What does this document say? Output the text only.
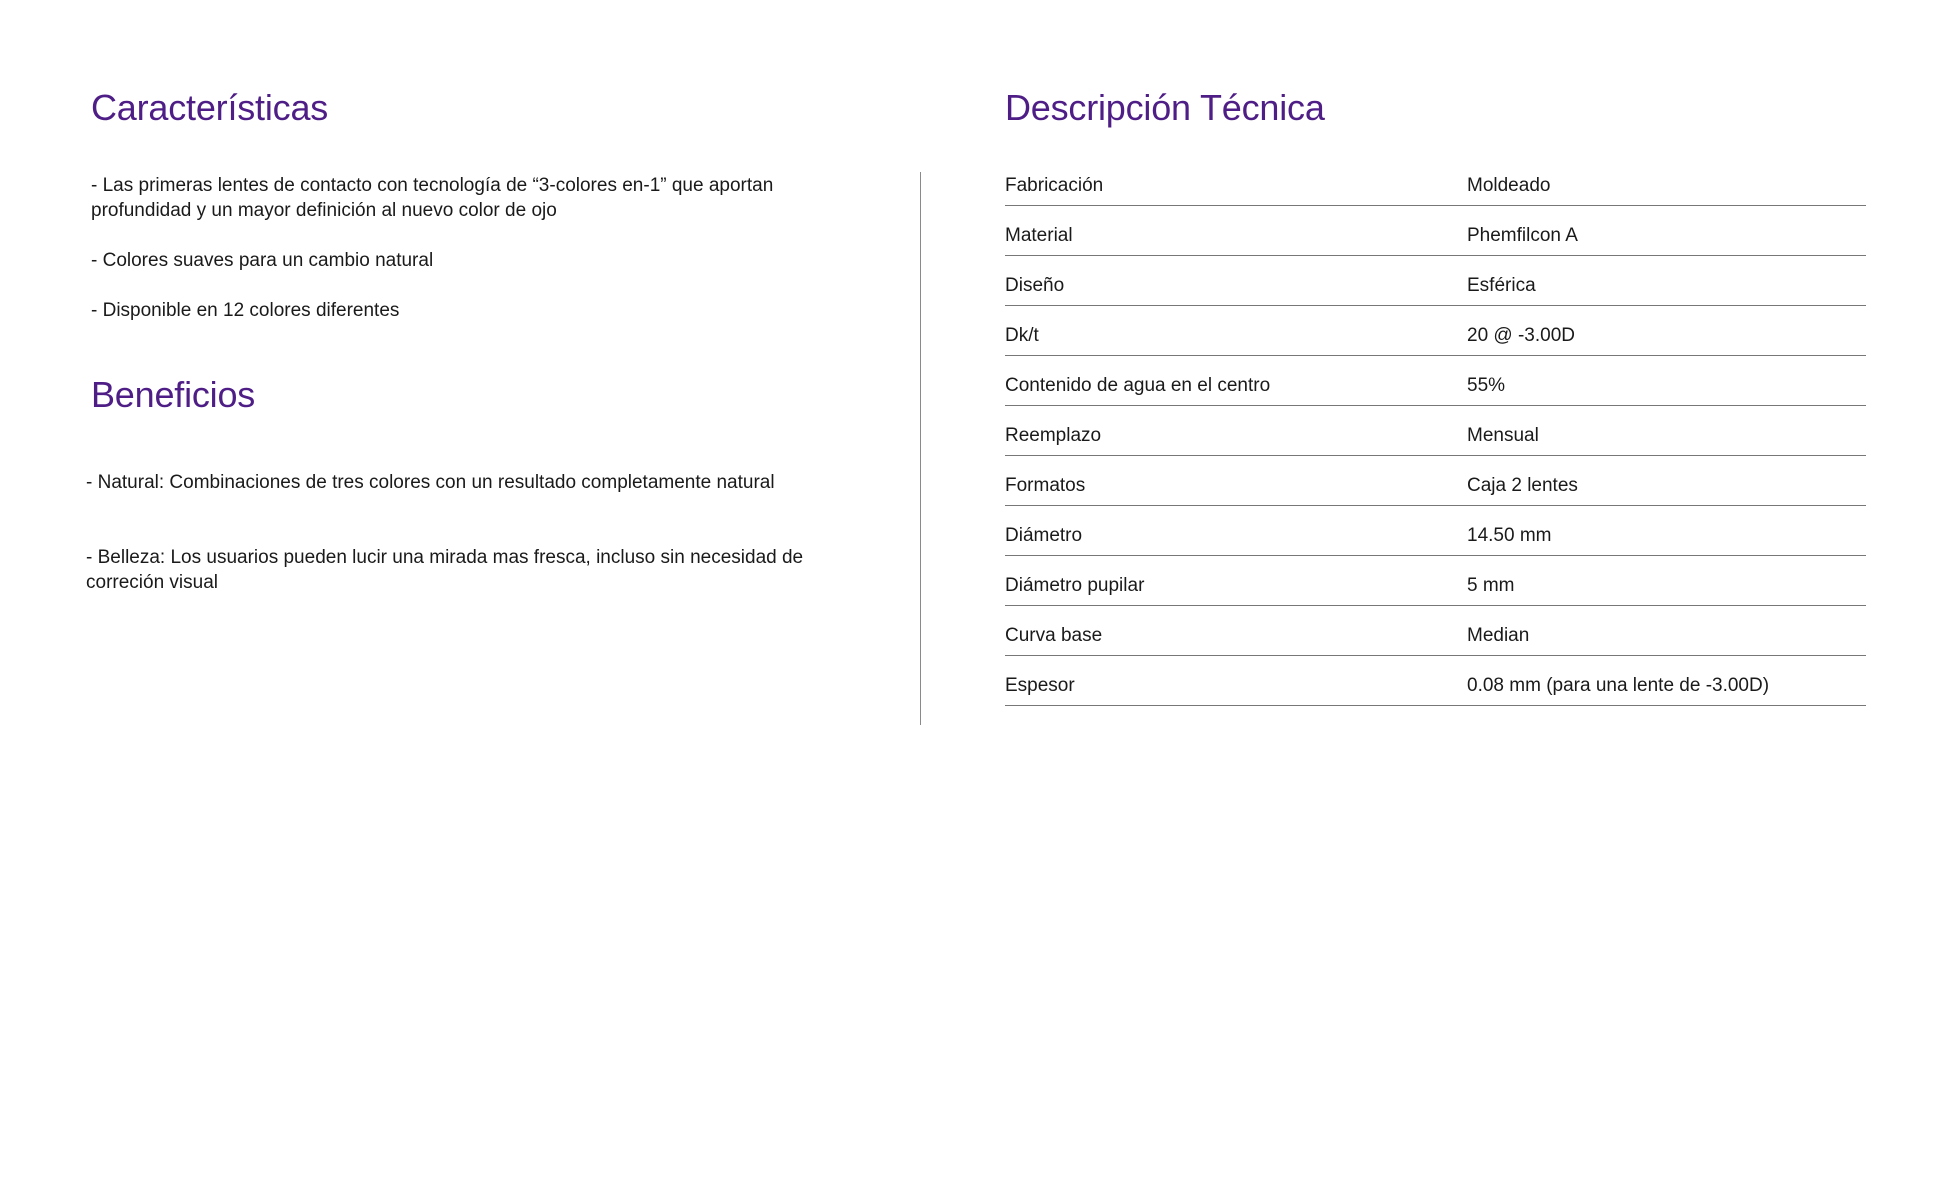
Características

- Las primeras lentes de contacto con tecnología de “3-colores en-1” que aportan profundidad y un mayor definición al nuevo color de ojo

- Colores suaves para un cambio natural

- Disponible en 12 colores diferentes

Beneficios

- Natural: Combinaciones de tres colores con un resultado completamente natural

- Belleza: Los usuarios pueden lucir una mirada mas fresca, incluso sin necesidad de correción visual

Descripción Técnica
Fabricación	Moldeado
Material	Phemfilcon A
Diseño	Esférica
Dk/t	20 @ -3.00D
Contenido de agua en el centro	55%
Reemplazo	Mensual
Formatos	Caja 2 lentes
Diámetro	14.50 mm
Diámetro pupilar	5 mm
Curva base	Median
Espesor	0.08 mm (para una lente de -3.00D)
